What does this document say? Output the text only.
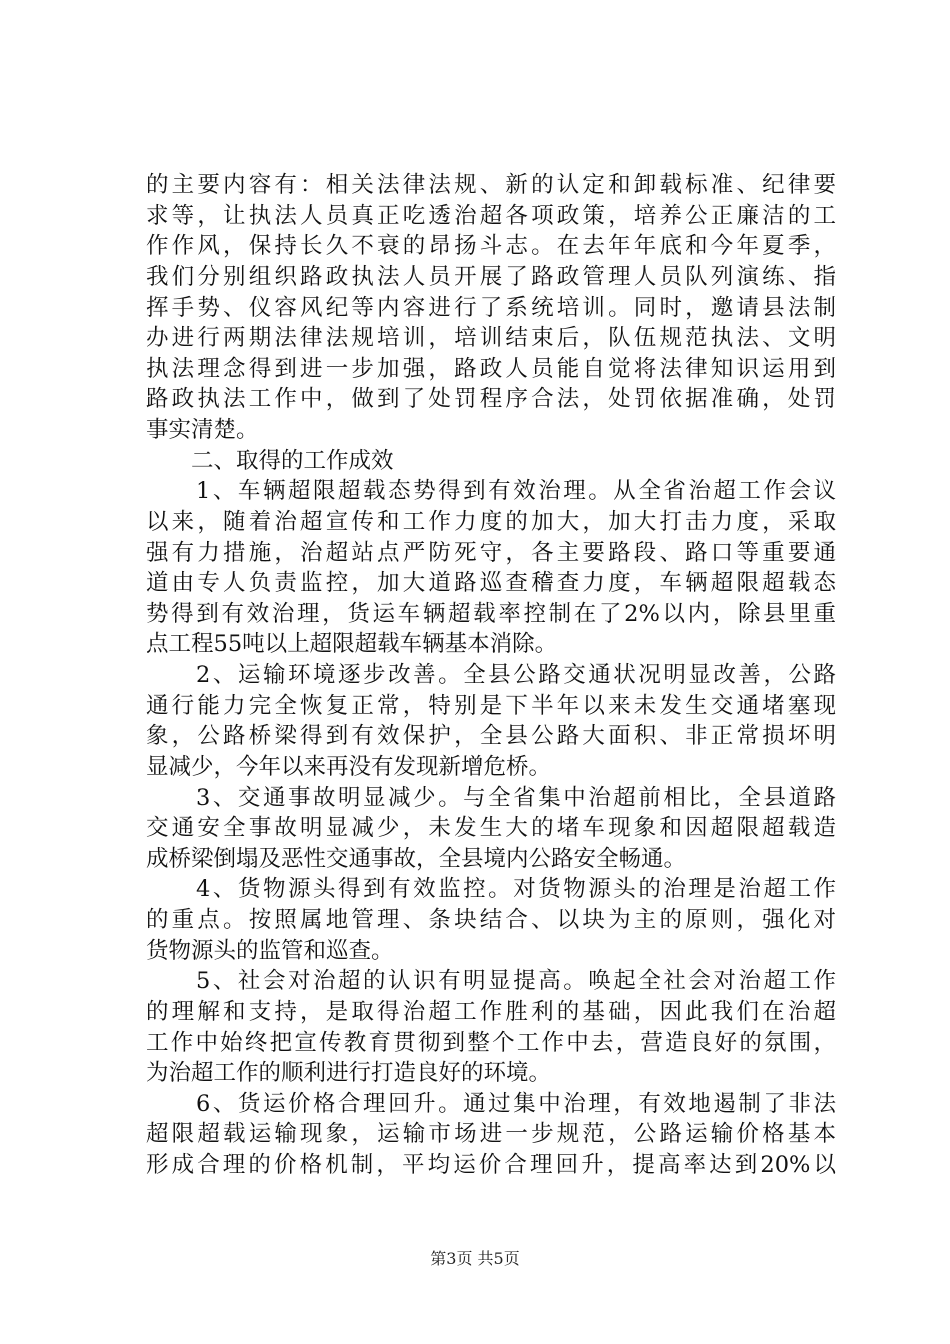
的主要内容有：相关法律法规、新的认定和卸载标准、纪律要
求等，让执法人员真正吃透治超各项政策，培养公正廉洁的工
作作风，保持长久不衰的昂扬斗志。在去年年底和今年夏季，
我们分别组织路政执法人员开展了路政管理人员队列演练、指
挥手势、仪容风纪等内容进行了系统培训。同时，邀请县法制
办进行两期法律法规培训，培训结束后，队伍规范执法、文明
执法理念得到进一步加强，路政人员能自觉将法律知识运用到
路政执法工作中，做到了处罚程序合法，处罚依据准确，处罚
事实清楚。
　　二、取得的工作成效
　　1、车辆超限超载态势得到有效治理。从全省治超工作会议
以来，随着治超宣传和工作力度的加大，加大打击力度，采取
强有力措施，治超站点严防死守，各主要路段、路口等重要通
道由专人负责监控，加大道路巡查稽查力度，车辆超限超载态
势得到有效治理，货运车辆超载率控制在了2%以内，除县里重
点工程55吨以上超限超载车辆基本消除。
　　2、运输环境逐步改善。全县公路交通状况明显改善，公路
通行能力完全恢复正常，特别是下半年以来未发生交通堵塞现
象，公路桥梁得到有效保护，全县公路大面积、非正常损坏明
显减少，今年以来再没有发现新增危桥。
　　3、交通事故明显减少。与全省集中治超前相比，全县道路
交通安全事故明显减少，未发生大的堵车现象和因超限超载造
成桥梁倒塌及恶性交通事故，全县境内公路安全畅通。
　　4、货物源头得到有效监控。对货物源头的治理是治超工作
的重点。按照属地管理、条块结合、以块为主的原则，强化对
货物源头的监管和巡查。
　　5、社会对治超的认识有明显提高。唤起全社会对治超工作
的理解和支持，是取得治超工作胜利的基础，因此我们在治超
工作中始终把宣传教育贯彻到整个工作中去，营造良好的氛围，
为治超工作的顺利进行打造良好的环境。
　　6、货运价格合理回升。通过集中治理，有效地遏制了非法
超限超载运输现象，运输市场进一步规范，公路运输价格基本
形成合理的价格机制，平均运价合理回升，提高率达到20%以
第3页 共5页
